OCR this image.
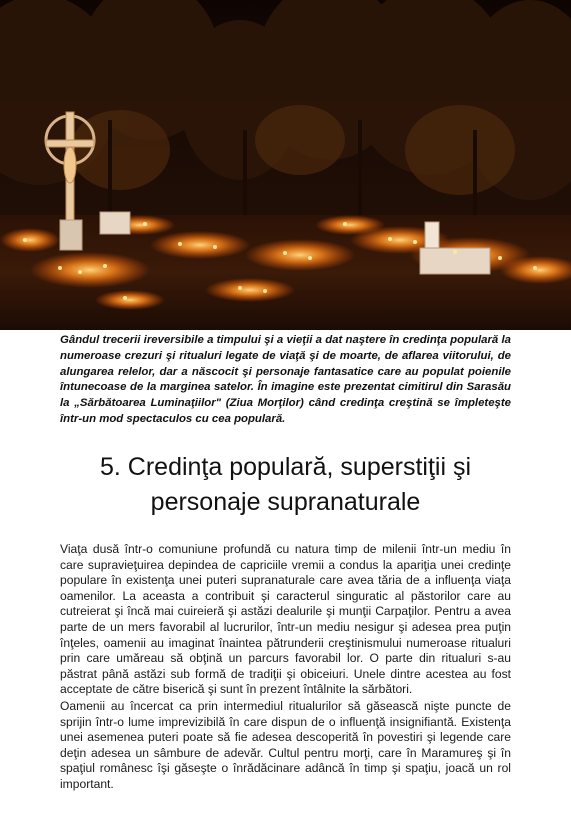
Gândul trecerii ireversibile a timpului şi a vieţii a dat naştere în credinţa populară la numeroase crezuri şi ritualuri legate de viaţă şi de moarte, de aflarea viitorului, de alungarea relelor, dar a născocit şi personaje fantasatice care au populat poienile întunecoase de la marginea satelor. În imagine este prezentat cimitirul din Sarasău la „Sărbătoarea Luminaţiilor" (Ziua Morţilor) când credinţa creştină se împleteşte într-un mod spectaculos cu cea populară.

5. Credinţa populară, superstiţii şi
personaje supranaturale

Viaţa dusă într-o comuniune profundă cu natura timp de milenii într-un mediu în care supravieţuirea depindea de capriciile vremii a condus la apariţia unei credinţe populare în existenţa unei puteri supranaturale care avea tăria de a influenţa viaţa oamenilor. La aceasta a contribuit şi caracterul singuratic al păstorilor care au cutreierat şi încă mai cuireieră şi astăzi dealurile şi munţii Carpaţilor. Pentru a avea parte de un mers favorabil al lucrurilor, într-un mediu nesigur şi adesea prea puţin înţeles, oamenii au imaginat înaintea pătrunderii creştinismului numeroase ritualuri prin care umăreau să obţină un parcurs favorabil lor. O parte din ritualuri s-au păstrat până astăzi sub formă de tradiţii şi obiceiuri. Unele dintre acestea au fost acceptate de către biserică şi sunt în prezent întâlnite la sărbători.

Oamenii au încercat ca prin intermediul ritualurilor să găsească nişte puncte de sprijin într-o lume imprevizibilă în care dispun de o influenţă insignifiantă. Existenţa unei asemenea puteri poate să fie adesea descoperită în povestiri şi legende care deţin adesea un sâmbure de adevăr. Cultul pentru morţi, care în Maramureş şi în spaţiul românesc îşi găseşte o înrădăcinare adâncă în timp şi spaţiu, joacă un rol important.
